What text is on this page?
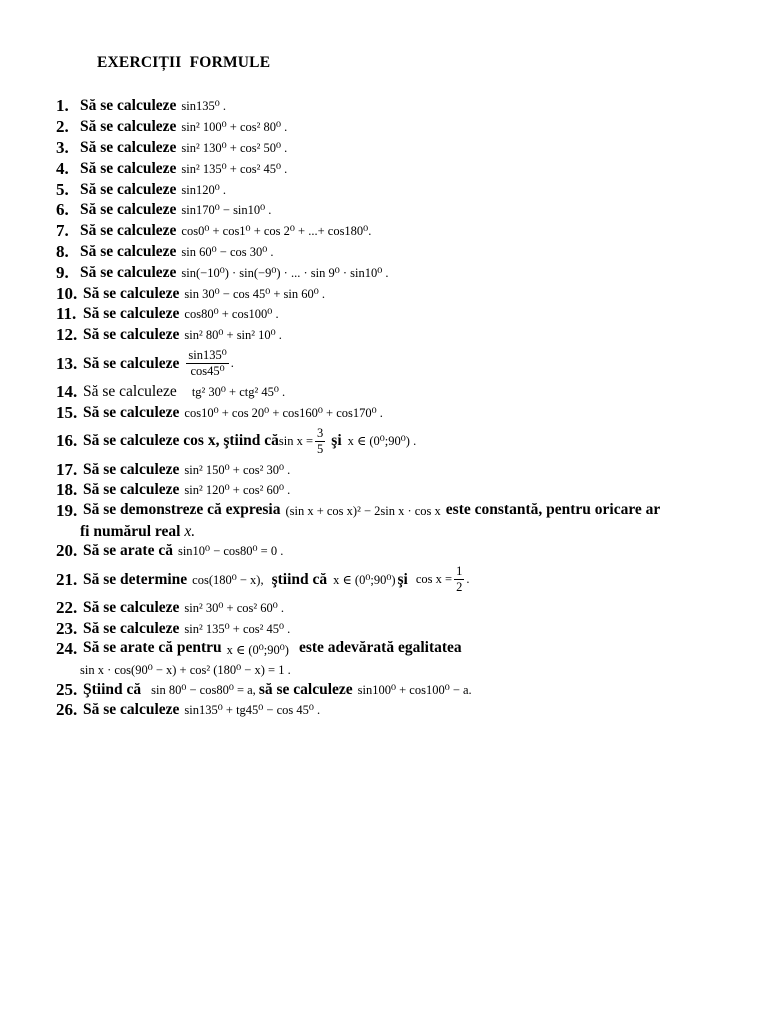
EXERCIȚII  FORMULE
1. Să se calculeze sin135⁰ .
2. Să se calculeze sin² 100⁰ + cos² 80⁰ .
3. Să se calculeze sin² 130⁰ + cos² 50⁰ .
4. Să se calculeze sin² 135⁰ + cos² 45⁰ .
5. Să se calculeze sin120⁰ .
6. Să se calculeze sin170⁰ − sin10⁰ .
7. Să se calculeze cos0⁰ + cos1⁰ + cos 2⁰ + ...+ cos180⁰.
8. Să se calculeze sin 60⁰ − cos 30⁰ .
9. Să se calculeze sin(−10⁰) · sin(−9⁰) · ... · sin 9⁰ · sin10⁰ .
10. Să se calculeze sin 30⁰ − cos 45⁰ + sin 60⁰ .
11. Să se calculeze cos80⁰ + cos100⁰ .
12. Să se calculeze sin² 80⁰ + sin² 10⁰ .
13. Să se calculeze $\frac{\text{sin135⁰}}{\text{cos45⁰}}$ .
14. Să se calculeze tg² 30⁰ + ctg² 45⁰ .
15. Să se calculeze cos10⁰ + cos 20⁰ + cos160⁰ + cos170⁰ .
16. Să se calculeze cos x, ştiind că $\sin x = \frac{3}{5}$ şi x ∈ (0⁰;90⁰) .
17. Să se calculeze sin² 150⁰ + cos² 30⁰ .
18. Să se calculeze sin² 120⁰ + cos² 60⁰ .
19. Să se demonstreze că expresia (sin x + cos x)² − 2sin x · cos x este constantă, pentru oricare ar
fi numărul real x.
20. Să se arate că sin10⁰ − cos80⁰ = 0 .
21. Să se determine cos(180⁰ − x), ştiind că x ∈ (0⁰;90⁰) şi $\cos x = \frac{1}{2}$ .
22. Să se calculeze sin² 30⁰ + cos² 60⁰ .
23. Să se calculeze sin² 135⁰ + cos² 45⁰ .
24. Să se arate că pentru x ∈ (0⁰;90⁰) este adevărată egalitatea
sin x · cos(90⁰ − x) + cos² (180⁰ − x) = 1 .
25. Ştiind că sin 80⁰ − cos80⁰ = a, să se calculeze sin100⁰ + cos100⁰ − a.
26. Să se calculeze sin135⁰ + tg45⁰ − cos 45⁰ .
